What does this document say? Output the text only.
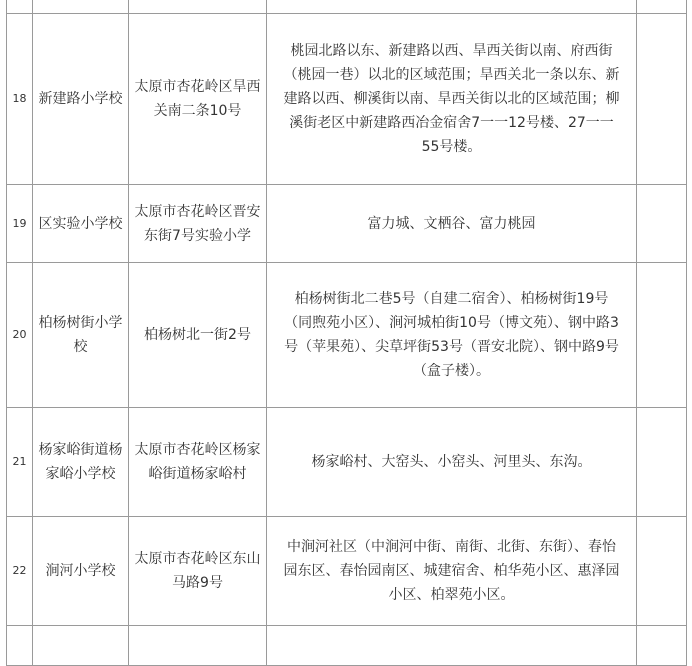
18	新建路小学校	太原市杏花岭区旱西关南二条10号	桃园北路以东、新建路以西、旱西关街以南、府西街（桃园一巷）以北的区域范围；旱西关北一条以东、新建路以西、柳溪街以南、旱西关街以北的区域范围；柳溪街老区中新建路西冶金宿舍7一一12号楼、27一一55号楼。	
19	区实验小学校	太原市杏花岭区晋安东街7号实验小学	富力城、文栖谷、富力桃园	
20	柏杨树街小学校	柏杨树北一街2号	柏杨树街北二巷5号（自建二宿舍）、柏杨树街19号（同煦苑小区）、涧河城柏街10号（博文苑）、钢中路3号（苹果苑）、尖草坪街53号（晋安北院）、钢中路9号（盒子楼）。	
21	杨家峪街道杨家峪小学校	太原市杏花岭区杨家峪街道杨家峪村	杨家峪村、大窑头、小窑头、河里头、东沟。	
22	涧河小学校	太原市杏花岭区东山马路9号	中涧河社区（中涧河中街、南街、北街、东街）、春怡园东区、春怡园南区、城建宿舍、柏华苑小区、惠泽园小区、柏翠苑小区。	
